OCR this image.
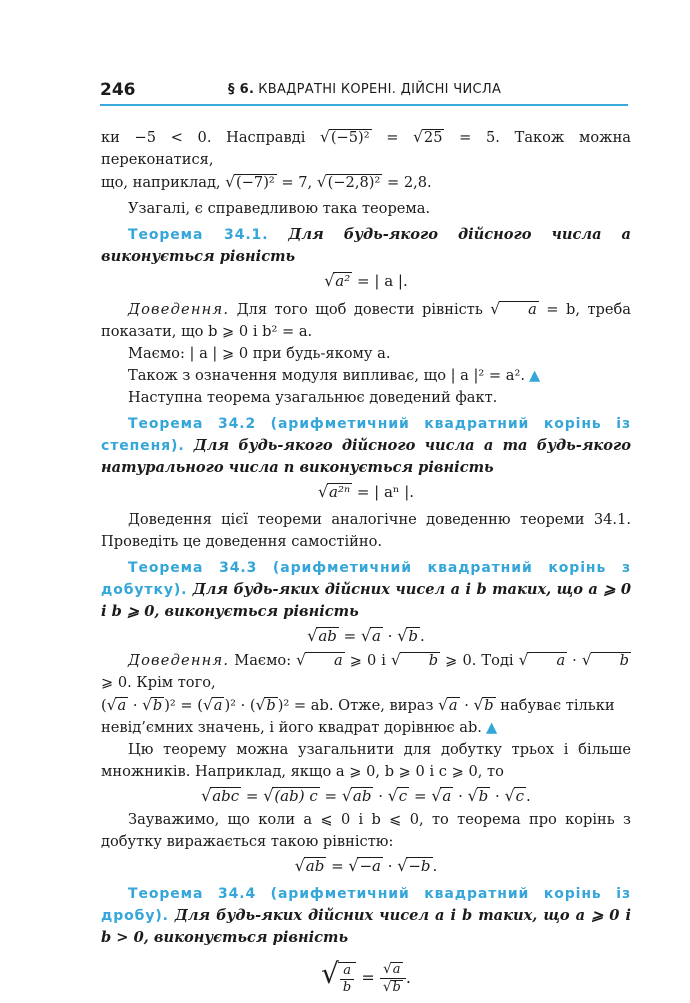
246	§ 6. КВАДРАТНІ КОРЕНІ. ДІЙСНІ ЧИСЛА

ки −5 < 0. Насправді √(−5)² = √25 = 5. Також можна переконатися,

що, наприклад, √(−7)² = 7, √(−2,8)² = 2,8.

Узагалі, є справедливою така теорема.

Теорема 34.1. Для будь-якого дійсного числа a виконується рівність

√a² = | a |.

Доведення. Для того щоб довести рівність √ a = b, треба показати, що b ⩾ 0 і b² = a.

Маємо: | a | ⩾ 0 при будь-якому a.

Також з означення модуля випливає, що | a |² = a². ▲

Наступна теорема узагальнює доведений факт.

Теорема 34.2 (арифметичний квадратний корінь із степеня). Для будь-якого дійсного числа a та будь-якого натурального числа n виконується рівність

√a²ⁿ = | aⁿ |.

Доведення цієї теореми аналогічне доведенню теореми 34.1. Проведіть це доведення самостійно.

Теорема 34.3 (арифметичний квадратний корінь з добутку). Для будь-яких дійсних чисел a і b таких, що a ⩾ 0 і b ⩾ 0, виконується рівність

√ab = √a · √b .

Доведення. Маємо: √ a ⩾ 0 і √ b ⩾ 0. Тоді √ a · √ b ⩾ 0. Крім того,

(√a · √b )² = (√a )² · (√b )² = ab. Отже, вираз √a · √b набуває тільки

невід’ємних значень, і його квадрат дорівнює ab. ▲

Цю теорему можна узагальнити для добутку трьох і більше множників. Наприклад, якщо a ⩾ 0, b ⩾ 0 і c ⩾ 0, то

√abc = √(ab) c = √ab · √c = √a · √b · √c .

Зауважимо, що коли a ⩽ 0 і b ⩽ 0, то теорема про корінь з добутку виражається такою рівністю:

√ab = √−a · √−b .

Теорема 34.4 (арифметичний квадратний корінь із дробу). Для будь-яких дійсних чисел a і b таких, що a ⩾ 0 і b > 0, виконується рівність

√ $\frac{a}{b} = \frac{√a}{√b}$ .
